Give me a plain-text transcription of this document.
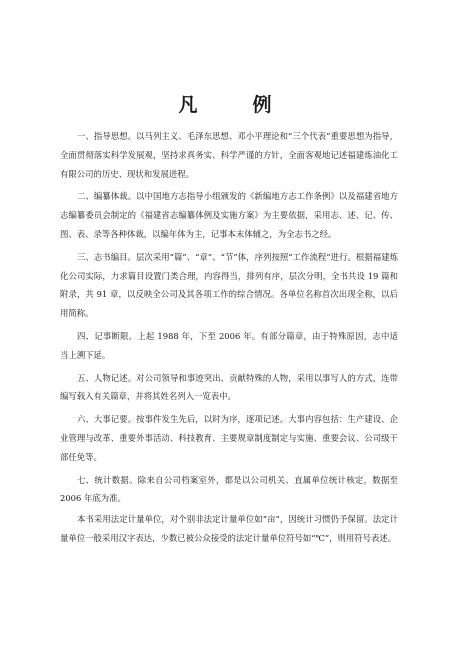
凡　例

一、指导思想。以马列主义、毛泽东思想、邓小平理论和“三个代表”重要思想为指导，全面贯彻落实科学发展观，坚持求真务实、科学严谨的方针，全面客观地记述福建炼油化工有限公司的历史、现状和发展进程。

二、编纂体裁。以中国地方志指导小组颁发的《新编地方志工作条例》以及福建省地方志编纂委员会制定的《福建省志编纂体例及实施方案》为主要依据，采用志、述、记、传、图、表、录等各种体裁，以编年体为主，记事本末体辅之，为全志书之经。

三、志书编目。层次采用“篇”、“章”、“节”体，序列按照“工作流程”进行。根据福建炼化公司实际，力求篇目设置门类合理，内容得当，排列有序，层次分明，全书共设 19 篇和附录，共 91 章，以反映全公司及其各项工作的综合情况。各单位名称首次出现全称，以后用简称。

四、记事断限。上起 1988 年，下至 2006 年。有部分篇章，由于特殊原因，志中适当上溯下延。

五、人物记述。对公司领导和事迹突出、贡献特殊的人物，采用以事写人的方式，连带编写载入有关篇章，并将其姓名列入一览表中。

六、大事记要。按事件发生先后，以时为序，逐项记述。大事内容包括：生产建设、企业管理与改革、重要外事活动、科技教育、主要规章制度制定与实施、重要会议、公司级干部任免等。

七、统计数据。除来自公司档案室外，都是以公司机关、直属单位统计核定，数据至 2006 年底为准。

本书采用法定计量单位，对个别非法定计量单位如“亩”，因统计习惯仍予保留。法定计量单位一般采用汉字表达，少数已被公众接受的法定计量单位符号如“℃”，则用符号表述。
